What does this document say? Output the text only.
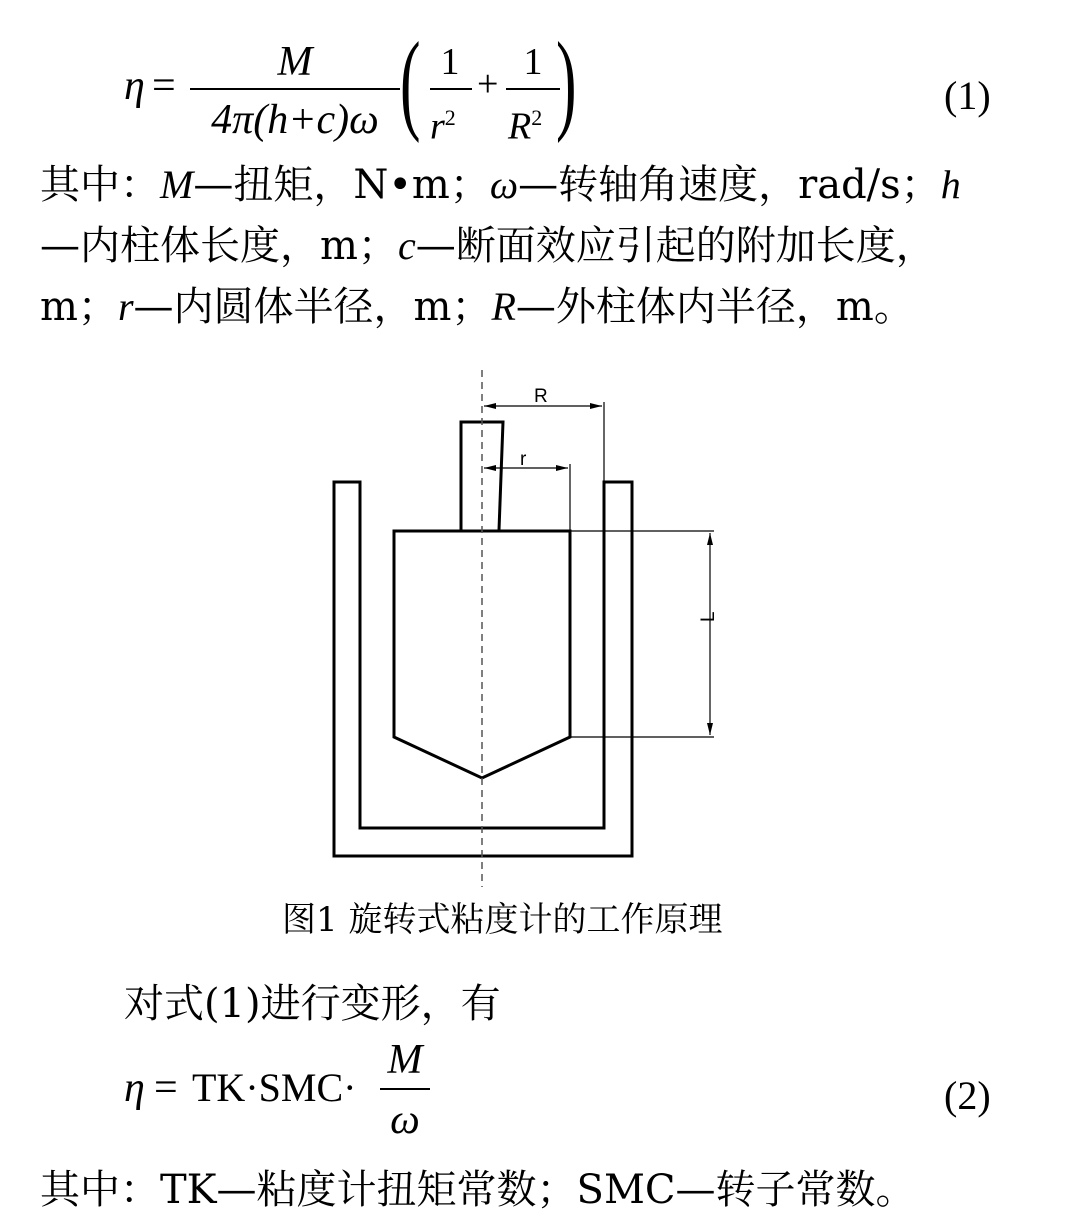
η =
M
4π(h+c)ω ( 1
$r^2$
+
1
$R^2$ )	(1)
其中：M—扭矩，N•m；ω—转轴角速度，rad/s；h
—内柱体长度，m；c—断面效应引起的附加长度，
m；r—内圆体半径，m；R—外柱体内半径，m。
R
r
L
图1 旋转式粘度计的工作原理
对式(1)进行变形，有
η = TK·SMC·
M
ω
(2)
其中：TK—粘度计扭矩常数；SMC—转子常数。
